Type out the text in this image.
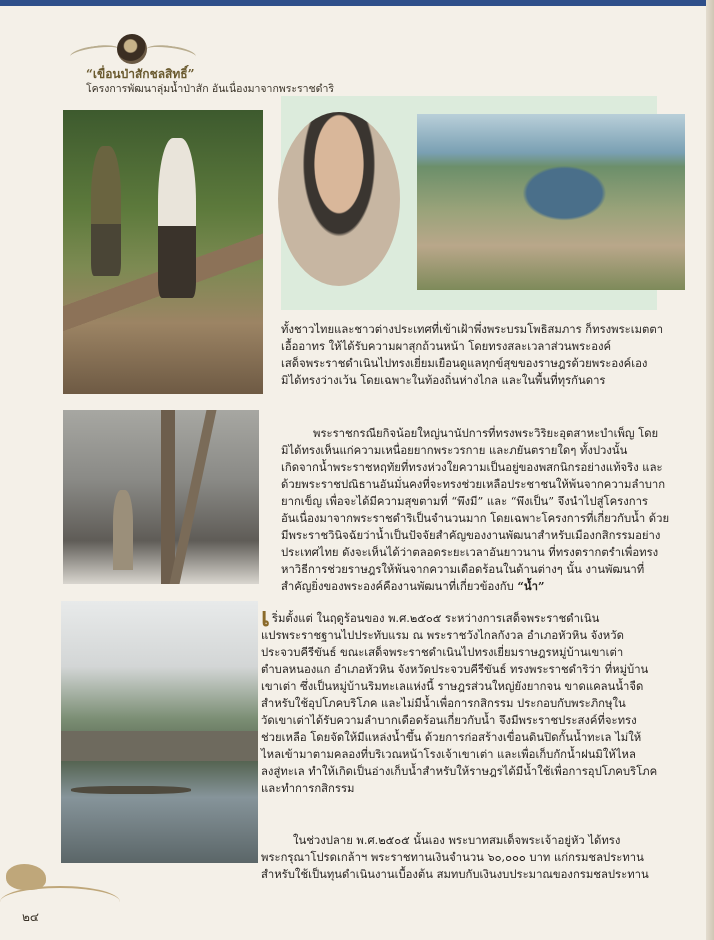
“เขื่อนป่าสักชลสิทธิ์”
โครงการพัฒนาลุ่มน้ำป่าสัก อันเนื่องมาจากพระราชดำริ
ทั้งชาวไทยและชาวต่างประเทศที่เข้าเฝ้าพึ่งพระบรมโพธิสมภาร ก็ทรงพระเมตตา
เอื้ออาทร ให้ได้รับความผาสุกถ้วนหน้า โดยทรงสละเวลาส่วนพระองค์
เสด็จพระราชดำเนินไปทรงเยี่ยมเยือนดูแลทุกข์สุขของราษฎรด้วยพระองค์เอง
มิได้ทรงว่างเว้น โดยเฉพาะในท้องถิ่นห่างไกล และในพื้นที่ทุรกันดาร
พระราชกรณียกิจน้อยใหญ่นานัปการที่ทรงพระวิริยะอุตสาหะบำเพ็ญ โดย
มิได้ทรงเห็นแก่ความเหนื่อยยากพระวรกาย และภยันตรายใดๆ ทั้งปวงนั้น
เกิดจากน้ำพระราชหฤทัยที่ทรงห่วงใยความเป็นอยู่ของพสกนิกรอย่างแท้จริง และ
ด้วยพระราชปณิธานอันมั่นคงที่จะทรงช่วยเหลือประชาชนให้พ้นจากความลำบาก
ยากเข็ญ เพื่อจะได้มีความสุขตามที่ “พึงมี” และ “พึงเป็น” จึงนำไปสู่โครงการ
อันเนื่องมาจากพระราชดำริเป็นจำนวนมาก โดยเฉพาะโครงการที่เกี่ยวกับน้ำ ด้วย
มีพระราชวินิจฉัยว่าน้ำเป็นปัจจัยสำคัญของงานพัฒนาสำหรับเมืองกสิกรรมอย่าง
ประเทศไทย ดังจะเห็นได้ว่าตลอดระยะเวลาอันยาวนาน ที่ทรงตรากตรำเพื่อทรง
หาวิธีการช่วยราษฎรให้พ้นจากความเดือดร้อนในด้านต่างๆ นั้น งานพัฒนาที่
สำคัญยิ่งของพระองค์คืองานพัฒนาที่เกี่ยวข้องกับ “น้ำ”
เริ่มตั้งแต่ ในฤดูร้อนของ พ.ศ.๒๕๐๕ ระหว่างการเสด็จพระราชดำเนิน
แปรพระราชฐานไปประทับแรม ณ พระราชวังไกลกังวล อำเภอหัวหิน จังหวัด
ประจวบคีรีขันธ์ ขณะเสด็จพระราชดำเนินไปทรงเยี่ยมราษฎรหมู่บ้านเขาเต่า
ตำบลหนองแก อำเภอหัวหิน จังหวัดประจวบคีรีขันธ์ ทรงพระราชดำริว่า ที่หมู่บ้าน
เขาเต่า ซึ่งเป็นหมู่บ้านริมทะเลแห่งนี้ ราษฎรส่วนใหญ่ยังยากจน ขาดแคลนน้ำจืด
สำหรับใช้อุปโภคบริโภค และไม่มีน้ำเพื่อการกสิกรรม ประกอบกับพระภิกษุใน
วัดเขาเต่าได้รับความลำบากเดือดร้อนเกี่ยวกับน้ำ จึงมีพระราชประสงค์ที่จะทรง
ช่วยเหลือ โดยจัดให้มีแหล่งน้ำขึ้น ด้วยการก่อสร้างเขื่อนดินปิดกั้นน้ำทะเล ไม่ให้
ไหลเข้ามาตามคลองที่บริเวณหน้าโรงเจ้าเขาเต่า และเพื่อเก็บกักน้ำฝนมิให้ไหล
ลงสู่ทะเล ทำให้เกิดเป็นอ่างเก็บน้ำสำหรับให้ราษฎรได้มีน้ำใช้เพื่อการอุปโภคบริโภค
และทำการกสิกรรม
ในช่วงปลาย พ.ศ.๒๕๐๕ นั้นเอง พระบาทสมเด็จพระเจ้าอยู่หัว ได้ทรง
พระกรุณาโปรดเกล้าฯ พระราชทานเงินจำนวน ๖๐,๐๐๐ บาท แก่กรมชลประทาน
สำหรับใช้เป็นทุนดำเนินงานเบื้องต้น สมทบกับเงินงบประมาณของกรมชลประทาน
๒๔
